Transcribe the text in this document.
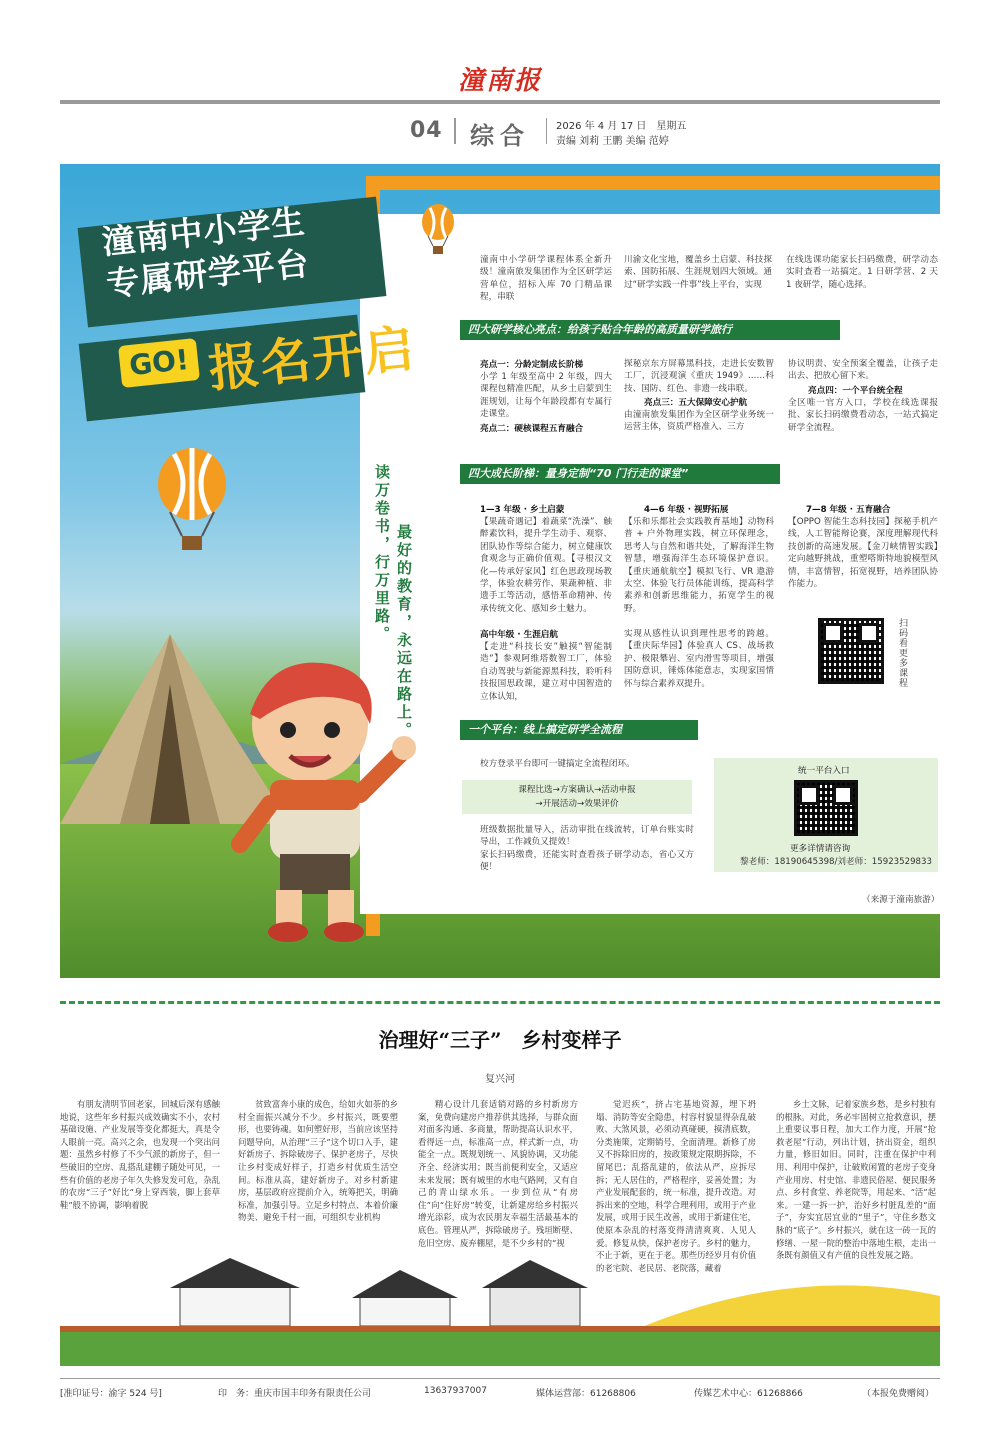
潼南报
04 综合	2026 年 4 月 17 日　星期五
责编 刘莉 王鹏 美编 范婷
潼南中小学生
专属研学平台
GO! 报名开启
读万卷书，行万里路。 最好的教育，永远在路上。
潼南中小学研学课程体系全新升级！潼南旅发集团作为全区研学运营单位，招标入库 70 门精品课程，串联
川渝文化宝地，覆盖乡土启蒙、科技探索、国防拓展、生涯规划四大领域。通过“研学实践一件事”线上平台，实现
在线选课功能家长扫码缴费，研学动态实时查看一站搞定。1 日研学营、2 天 1 夜研学，随心选择。
四大研学核心亮点：给孩子贴合年龄的高质量研学旅行
亮点一：分龄定制成长阶梯
小学 1 年级至高中 2 年级，四大课程包精准匹配，从乡土启蒙到生涯规划，让每个年龄段都有专属行走课堂。
亮点二：硬核课程五育融合
探秘京东方屏幕黑科技，走进长安数智工厂，沉浸观演《重庆 1949》……科技、国防、红色、非遗一线串联。
亮点三：五大保障安心护航
由潼南旅发集团作为全区研学业务统一运营主体，资质严格准入、三方
协议明责、安全预案全覆盖，让孩子走出去、把放心留下来。
亮点四：一个平台统全程
全区唯一官方入口，学校在线选课报批、家长扫码缴费看动态，一站式搞定研学全流程。
四大成长阶梯：量身定制“70 门行走的课堂”
1—3 年级 · 乡土启蒙
【果蔬奇遇记】着蔬菜“洗澡”、触醉素饮料，提升学生动手、观察、团队协作等综合能力，树立健康饮食观念与正确价值观。【寻根汉文化—传承好家风】红色思政现场教学，体验农耕劳作、果蔬种植、非遗手工等活动，感悟革命精神、传承传统文化、感知乡土魅力。
4—6 年级 · 视野拓展
【乐和乐都社会实践教育基地】动物科普 + 户外物理实践，树立环保理念，思考人与自然和谐共处，了解海洋生物智慧，增强海洋生态环境保护意识。【重庆通航航空】模拟飞行、VR 遨游太空、体验飞行员体能训练，提高科学素养和创新思维能力，拓宽学生的视野。
7—8 年级 · 五育融合
【OPPO 智能生态科技园】探秘手机产线，人工智能辩论赛，深度理解现代科技创新的高速发展。【金刀峡情智实践】定向越野挑战，重塑嗒斯特地貌模型风情，丰富情智，拓宽视野，培养团队协作能力。
高中年级 · 生涯启航
【走进“科技长安”触摸“智能制造”】参观阿维塔数智工厂，体验自动驾驶与新能源黑科技，聆听科技报国思政课，建立对中国智造的立体认知，
实现从感性认识到理性思考的跨越。【重庆际华园】体验真人 CS、战场救护、极限攀岩、室内滑雪等项目，增强国防意识，锤炼体能意志，实现家国情怀与综合素养双提升。	扫码看更多课程
一个平台：线上搞定研学全流程
校方登录平台即可一键搞定全流程闭环。
课程比选→方案确认→活动申报
→开展活动→效果评价
班级数据批量导入，活动审批在线流转，订单台账实时导出，工作减负又提效！
家长扫码缴费，还能实时查看孩子研学动态，省心又方便！
统一平台入口
更多详情请咨询
黎老师：18190645398/刘老师：15923529833
（来源于潼南旅游）
治理好“三子”　乡村变样子
复兴河
有朋友清明节回老家，回城后深有感触地说，这些年乡村振兴成效确实不小，农村基础设施、产业发展等变化都挺大，真是令人眼前一亮。高兴之余，也发现一个突出问题：虽然乡村修了不少气派的新房子，但一些破旧的空房、乱搭乱建棚子随处可见，一些有价值的老房子年久失修发发可危，杂乱的农房“三子”好比“身上穿西装，脚上套草鞋”般不协调，影响着脱
贫致富奔小康的成色，给如火如荼的乡村全面振兴减分不少。乡村振兴，既要塑形，也要铸魂。如何塑好形，当前应该坚持问题导向，从治理“三子”这个切口入手，建好新房子、拆除破房子、保护老房子，尽快让乡村变成好样子，打造乡村优质生活空间。标准从高，建好新房子。对乡村新建房，基层政府应提前介入，统筹把关，明确标准，加强引导。立足乡村特点、本着价廉物美、避免千村一面，可组织专业机构
精心设计几套适销对路的乡村新房方案，免费向建房户推荐供其选择，与群众面对面多沟通、多商量，帮助提高认识水平，看得远一点，标准高一点，样式新一点，功能全一点。既规划统一、风貌协调，又功能齐全、经济实用；既当前便利安全，又适应未来发展；既有城里的水电气路网，又有自己的青山绿水乐。一步到位从“有房住”向“住好房”转变，让新建房给乡村振兴增光添彩，成为农民朋友幸福生活最基本的底色。管理从严，拆除破房子。残垣断壁、危旧空房、废弃棚屋，是不少乡村的“视
觉迟疾”，挤占宅基地资源，埋下坍塌、消防等安全隐患，村容村貌显得杂乱破败、大煞风景，必须动真碰硬，摸清底数，分类施策，定期销号，全面清理。新修了房又不拆除旧房的，按政策规定限期拆除，不留尾巴；乱搭乱建的，依法从严，应拆尽拆；无人居住的，严格程序，妥善处置；为产业发展配套的，统一标准，提升改造。对拆出来的空地，科学合理利用，或用于产业发展，或用于民生改善，或用于新建住宅，使原本杂乱的村落变得清清爽爽、人见人爱。修复从快，保护老房子。乡村的魅力，不止于新，更在于老。那些历经岁月有价值的老宅院、老民居、老院落，藏着
乡土文脉，记着家族乡愁，是乡村独有的根脉。对此，务必牢固树立抢救意识，摆上重要议事日程，加大工作力度，开展“抢救老屋”行动，列出计划，挤出资金，组织力量，修旧如旧。同时，注重在保护中利用、利用中保护，让破败闲置的老房子变身产业用房、村史馆、非遗民俗屋、便民服务点、乡村食堂、养老院等，用起来、“活”起来。一建一拆一护，治好乡村脏乱差的“面子”，夯实宜居宜业的“里子”，守住乡愁文脉的“底子”。乡村振兴，就在这一砖一瓦的修缮、一屋一院的整治中落地生根，走出一条既有颜值又有产值的良性发展之路。
[准印证号：渝字 524 号]	印　务：重庆市国丰印务有限责任公司	13637937007	媒体运营部：61268806	传媒艺术中心：61268866	（本报免费赠阅）
